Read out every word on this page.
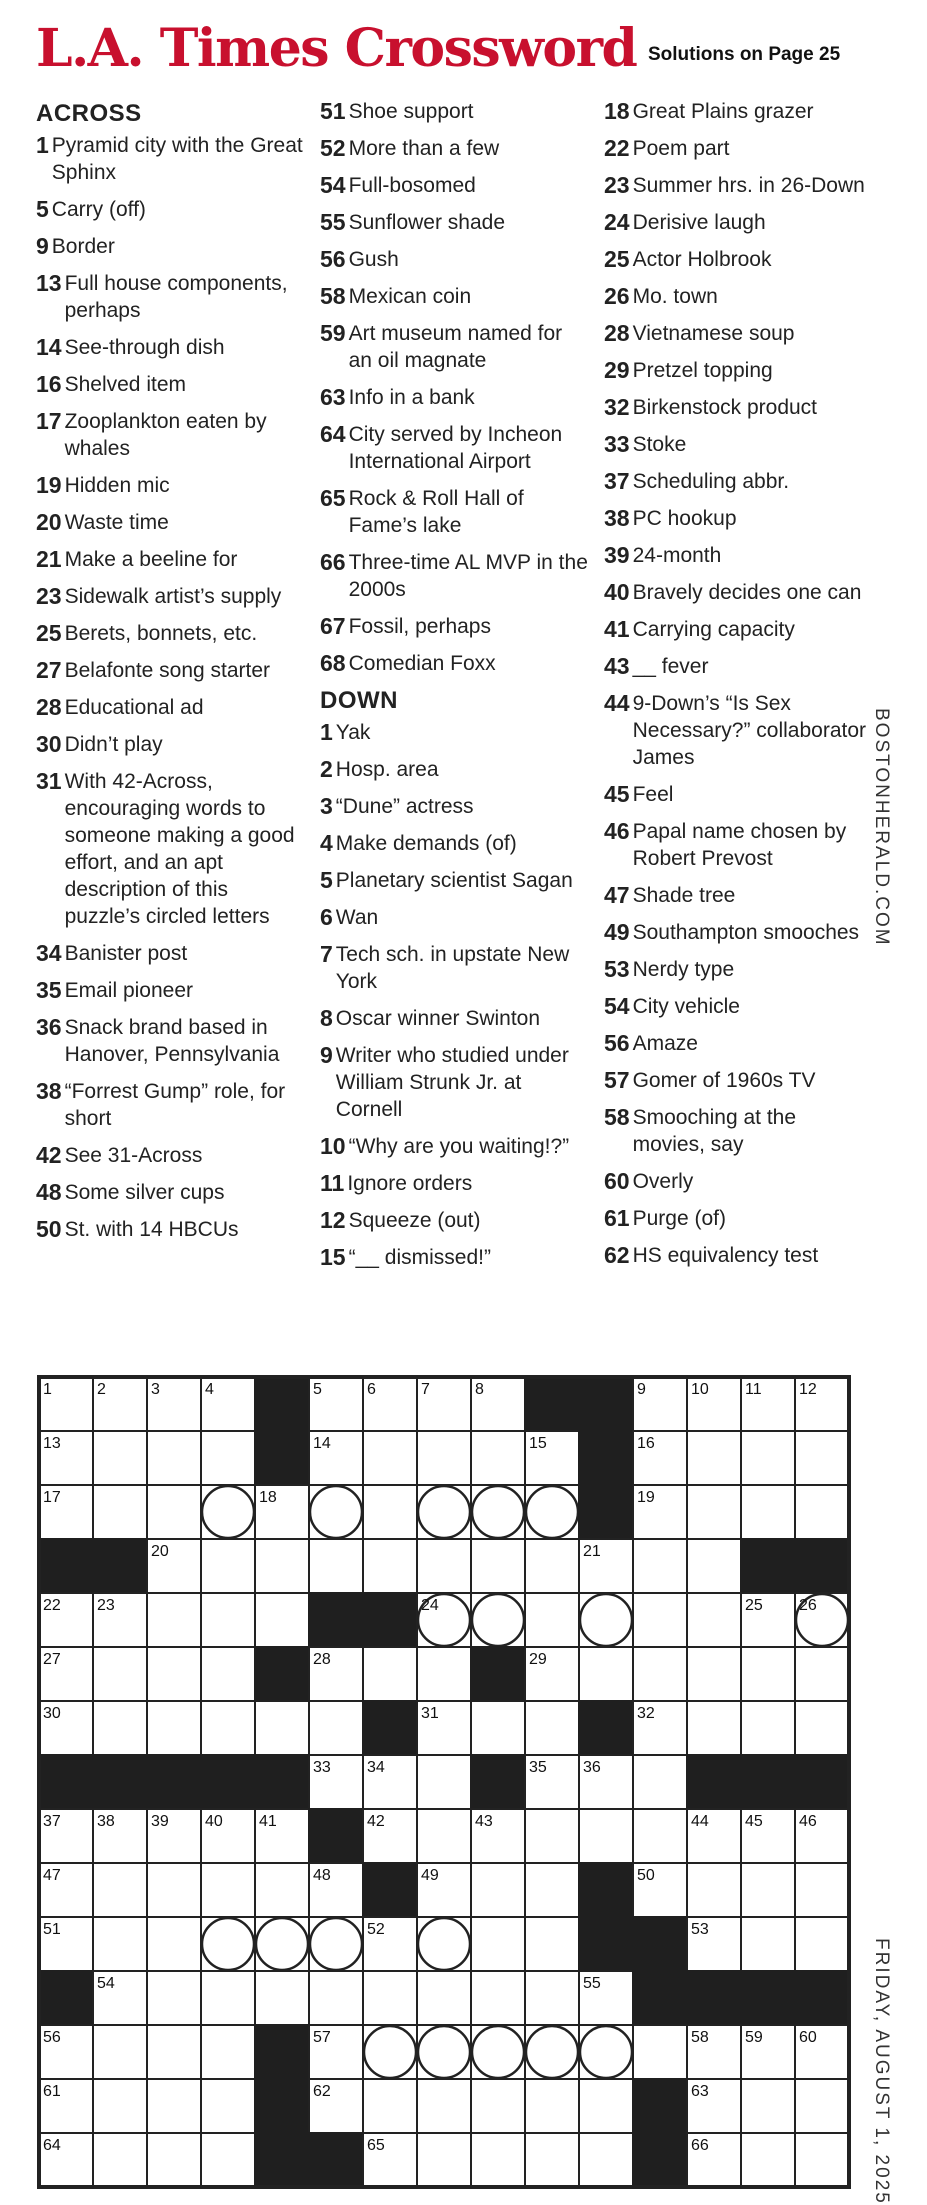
L.A. Times Crossword Solutions on Page 25
ACROSS
1 Pyramid city with the Great Sphinx
5 Carry (off)
9 Border
13 Full house components, perhaps
14 See-through dish
16 Shelved item
17 Zooplankton eaten by whales
19 Hidden mic
20 Waste time
21 Make a beeline for
23 Sidewalk artist’s supply
25 Berets, bonnets, etc.
27 Belafonte song starter
28 Educational ad
30 Didn’t play
31 With 42-Across, encouraging words to someone making a good effort, and an apt description of this puzzle’s circled letters
34 Banister post
35 Email pioneer
36 Snack brand based in Hanover, Pennsylvania
38 “Forrest Gump” role, for short
42 See 31-Across
48 Some silver cups
50 St. with 14 HBCUs
51 Shoe support
52 More than a few
54 Full-bosomed
55 Sunflower shade
56 Gush
58 Mexican coin
59 Art museum named for an oil magnate
63 Info in a bank
64 City served by Incheon International Airport
65 Rock & Roll Hall of Fame’s lake
66 Three-time AL MVP in the 2000s
67 Fossil, perhaps
68 Comedian Foxx
DOWN
1 Yak
2 Hosp. area
3 “Dune” actress
4 Make demands (of)
5 Planetary scientist Sagan
6 Wan
7 Tech sch. in upstate New York
8 Oscar winner Swinton
9 Writer who studied under William Strunk Jr. at Cornell
10 “Why are you waiting!?”
11 Ignore orders
12 Squeeze (out)
15 “__ dismissed!”
18 Great Plains grazer
22 Poem part
23 Summer hrs. in 26-Down
24 Derisive laugh
25 Actor Holbrook
26 Mo. town
28 Vietnamese soup
29 Pretzel topping
32 Birkenstock product
33 Stoke
37 Scheduling abbr.
38 PC hookup
39 24-month
40 Bravely decides one can
41 Carrying capacity
43 __ fever
44 9-Down’s “Is Sex Necessary?” collaborator James
45 Feel
46 Papal name chosen by Robert Prevost
47 Shade tree
49 Southampton smooches
53 Nerdy type
54 City vehicle
56 Amaze
57 Gomer of 1960s TV
58 Smooching at the movies, say
60 Overly
61 Purge (of)
62 HS equivalency test
BOSTONHERALD.COM
FRIDAY, AUGUST 1, 2025
1	2	3	4	5	6	7	8	9	10 11 12
13	14	15	16
17	18	19
20	21
22 23	24	25 26
27	28	29
30	31	32
33 34	35 36
37 38 39 40 41	42	43	44 45 46
47	48	49	50
51	52	53
54	55
56	57	58 59 60
61	62	63
64	65	66
